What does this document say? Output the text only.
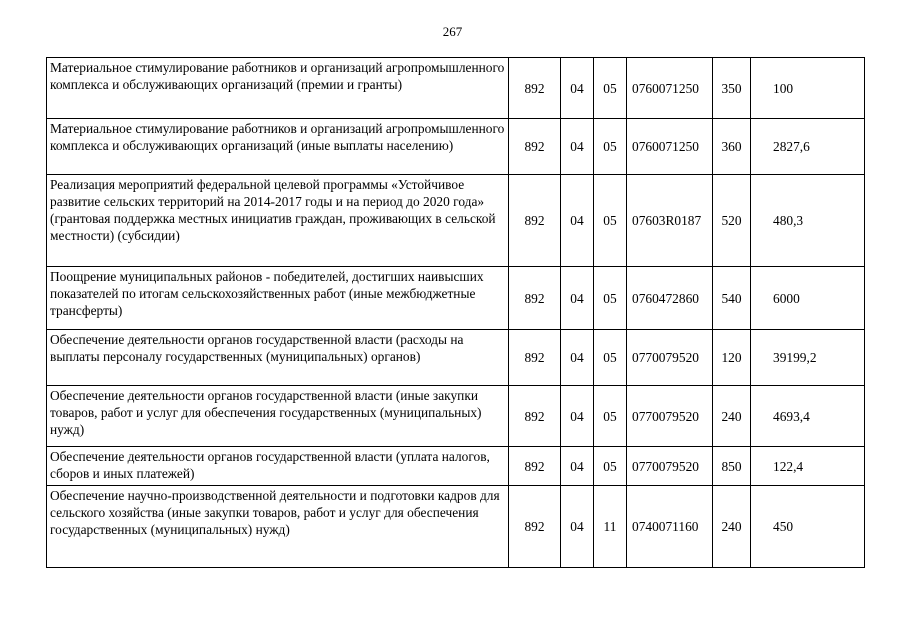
267
Материальное стимулирование работников и организаций агропромышленного комплекса и обслуживающих организаций (премии и гранты)	892	04	05	0760071250	350	100
Материальное стимулирование работников и организаций агропромышленного комплекса и обслуживающих организаций (иные выплаты населению)	892	04	05	0760071250	360	2827,6
Реализация мероприятий федеральной целевой программы «Устойчивое развитие сельских территорий на 2014-2017 годы и на период до 2020 года» (грантовая поддержка местных инициатив граждан, проживающих в сельской местности) (субсидии)	892	04	05	07603R0187	520	480,3
Поощрение муниципальных районов - победителей, достигших наивысших показателей по итогам сельскохозяйственных работ (иные межбюджетные трансферты)	892	04	05	0760472860	540	6000
Обеспечение деятельности органов государственной власти (расходы на выплаты персоналу государственных (муниципальных) органов)	892	04	05	0770079520	120	39199,2
Обеспечение деятельности органов государственной власти (иные закупки товаров, работ и услуг для обеспечения государственных (муниципальных) нужд)	892	04	05	0770079520	240	4693,4
Обеспечение деятельности органов государственной власти (уплата налогов, сборов и иных платежей)	892	04	05	0770079520	850	122,4
Обеспечение научно-производственной деятельности и подготовки кадров для сельского хозяйства (иные закупки товаров, работ и услуг для обеспечения государственных (муниципальных) нужд)	892	04	11	0740071160	240	450
